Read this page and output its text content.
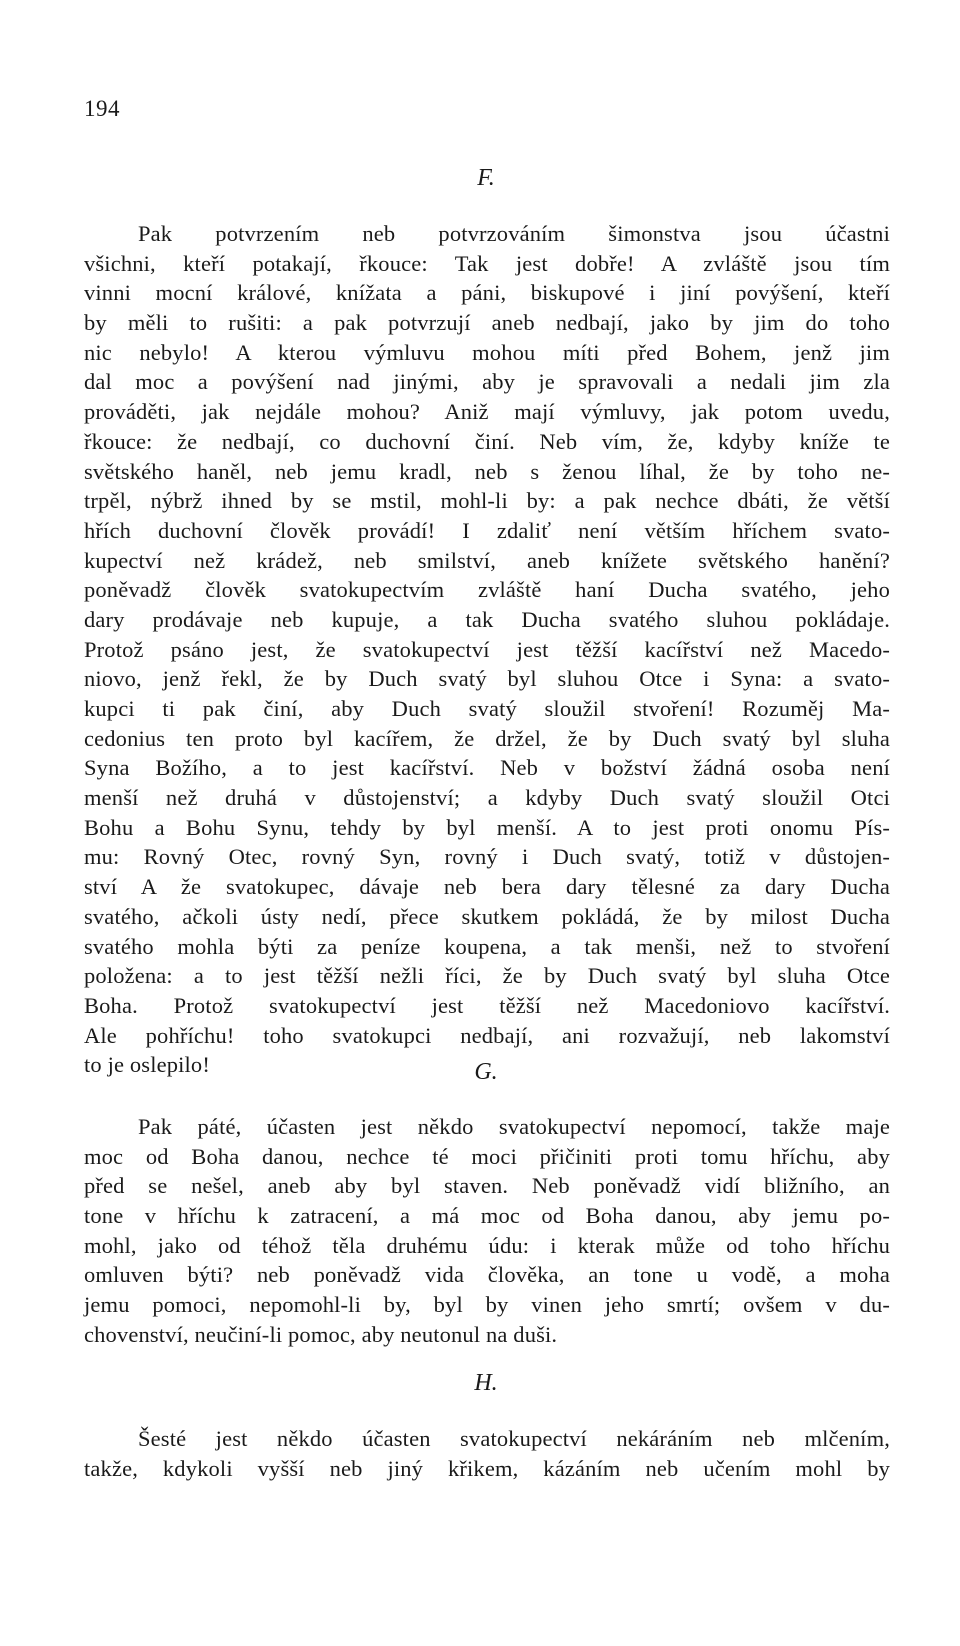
194
F.
Pak potvrzením neb potvrzováním šimonstva jsou účastni
všichni, kteří potakají, řkouce: Tak jest dobře! A zvláště jsou tím
vinni mocní králové, knížata a páni, biskupové i jiní povýšení, kteří
by měli to rušiti: a pak potvrzují aneb nedbají, jako by jim do toho
nic nebylo! A kterou výmluvu mohou míti před Bohem, jenž jim
dal moc a povýšení nad jinými, aby je spravovali a nedali jim zla
prováděti, jak nejdále mohou? Aniž mají výmluvy, jak potom uvedu,
řkouce: že nedbají, co duchovní činí. Neb vím, že, kdyby kníže te
světského haněl, neb jemu kradl, neb s ženou líhal, že by toho ne-
trpěl, nýbrž ihned by se mstil, mohl-li by: a pak nechce dbáti, že větší
hřích duchovní člověk provádí! I zdaliť není větším hříchem svato-
kupectví než krádež, neb smilství, aneb knížete světského hanění?
poněvadž člověk svatokupectvím zvláště haní Ducha svatého, jeho
dary prodávaje neb kupuje, a tak Ducha svatého sluhou pokládaje.
Protož psáno jest, že svatokupectví jest těžší kacířství než Macedo-
niovo, jenž řekl, že by Duch svatý byl sluhou Otce i Syna: a svato-
kupci ti pak činí, aby Duch svatý sloužil stvoření! Rozuměj Ma-
cedonius ten proto byl kacířem, že držel, že by Duch svatý byl sluha
Syna Božího, a to jest kacířství. Neb v božství žádná osoba není
menší než druhá v důstojenství; a kdyby Duch svatý sloužil Otci
Bohu a Bohu Synu, tehdy by byl menší. A to jest proti onomu Pís-
mu: Rovný Otec, rovný Syn, rovný i Duch svatý, totiž v důstojen-
ství A že svatokupec, dávaje neb bera dary tělesné za dary Ducha
svatého, ačkoli ústy nedí, přece skutkem pokládá, že by milost Ducha
svatého mohla býti za peníze koupena, a tak menši, než to stvoření
položena: a to jest těžší nežli říci, že by Duch svatý byl sluha Otce
Boha. Protož svatokupectví jest těžší než Macedoniovo kacířství.
Ale pohříchu! toho svatokupci nedbají, ani rozvažují, neb lakomství
to je oslepilo!	G.
Pak páté, účasten jest někdo svatokupectví nepomocí, takže maje
moc od Boha danou, nechce té moci přičiniti proti tomu hříchu, aby
před se nešel, aneb aby byl staven. Neb poněvadž vidí bližního, an
tone v hříchu k zatracení, a má moc od Boha danou, aby jemu po-
mohl, jako od téhož těla druhému údu: i kterak může od toho hříchu
omluven býti? neb poněvadž vida člověka, an tone u vodě, a moha
jemu pomoci, nepomohl-li by, byl by vinen jeho smrtí; ovšem v du-
chovenství, neučiní-li pomoc, aby neutonul na duši.
H.
Šesté jest někdo účasten svatokupectví nekáráním neb mlčením,
takže, kdykoli vyšší neb jiný křikem, kázáním neb učením mohl by
